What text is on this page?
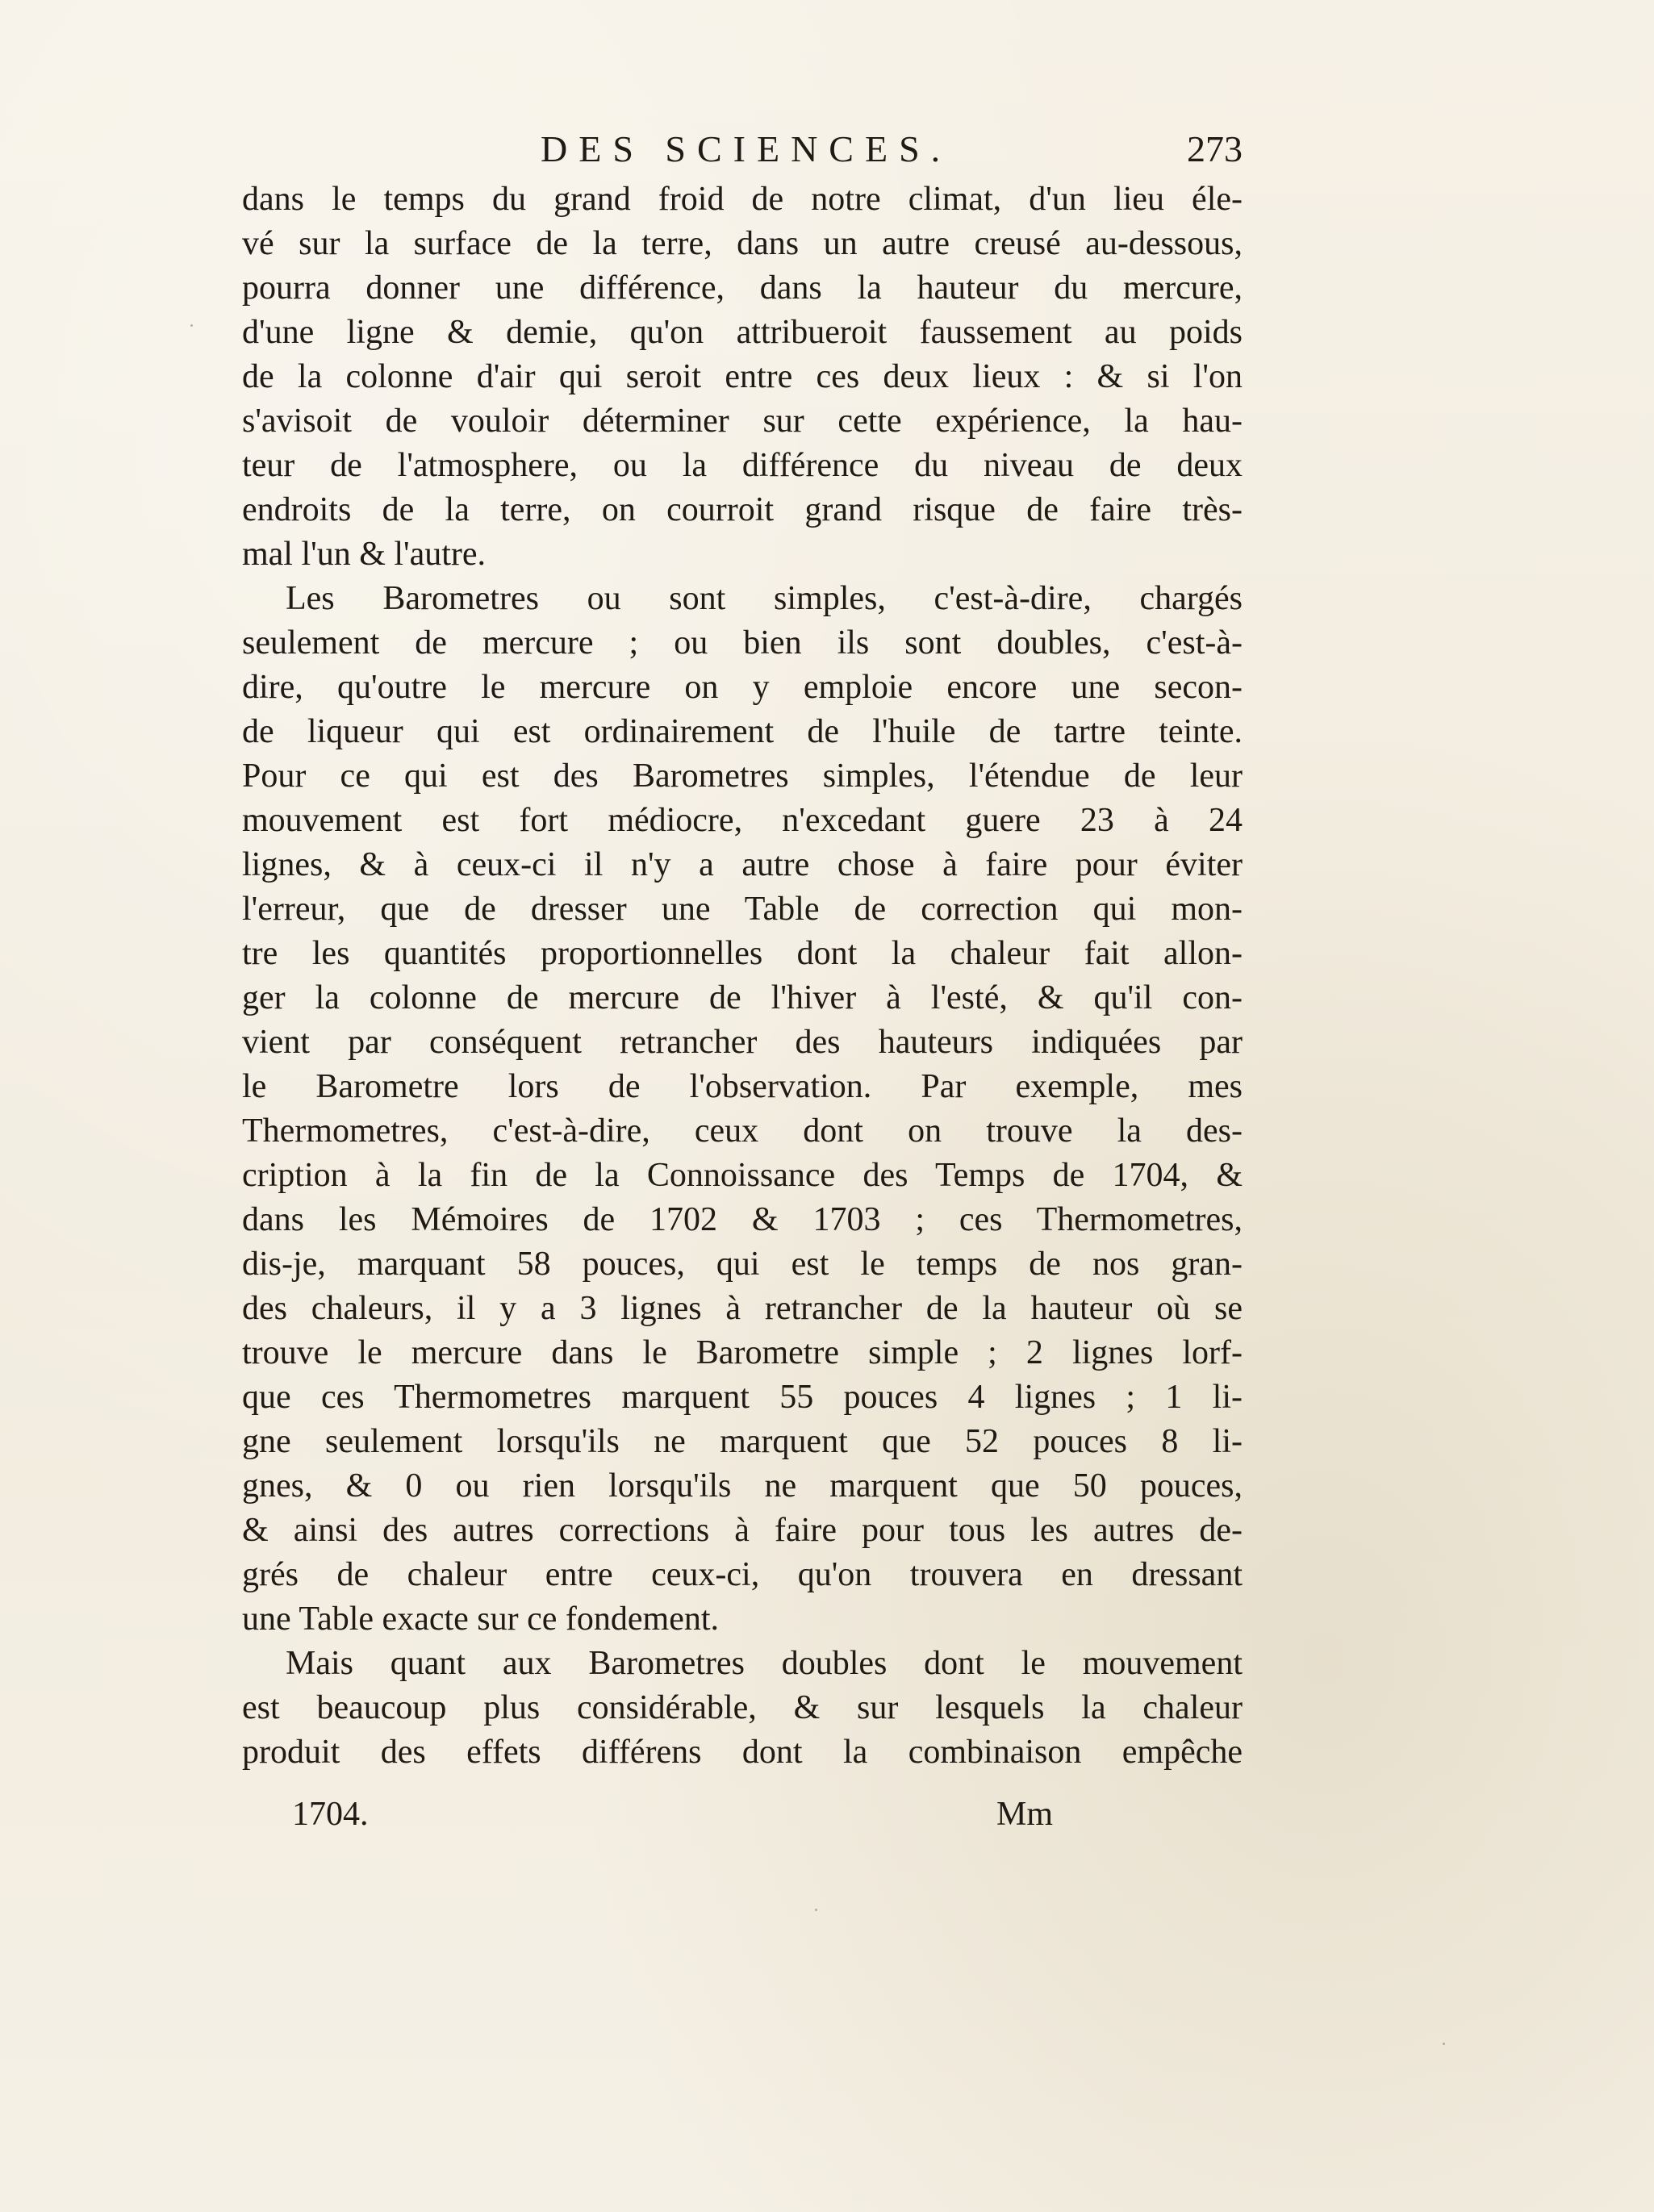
DES SCIENCES.	273
dans le temps du grand froid de notre climat, d'un lieu éle-
vé sur la surface de la terre, dans un autre creusé au-dessous,
pourra donner une différence, dans la hauteur du mercure,
d'une ligne & demie, qu'on attribueroit faussement au poids
de la colonne d'air qui seroit entre ces deux lieux : & si l'on
s'avisoit de vouloir déterminer sur cette expérience, la hau-
teur de l'atmosphere, ou la différence du niveau de deux
endroits de la terre, on courroit grand risque de faire très-
mal l'un & l'autre.
Les Barometres ou sont simples, c'est-à-dire, chargés
seulement de mercure ; ou bien ils sont doubles, c'est-à-
dire, qu'outre le mercure on y emploie encore une secon-
de liqueur qui est ordinairement de l'huile de tartre teinte.
Pour ce qui est des Barometres simples, l'étendue de leur
mouvement est fort médiocre, n'excedant guere 23 à 24
lignes, & à ceux-ci il n'y a autre chose à faire pour éviter
l'erreur, que de dresser une Table de correction qui mon-
tre les quantités proportionnelles dont la chaleur fait allon-
ger la colonne de mercure de l'hiver à l'esté, & qu'il con-
vient par conséquent retrancher des hauteurs indiquées par
le Barometre lors de l'observation. Par exemple, mes
Thermometres, c'est-à-dire, ceux dont on trouve la des-
cription à la fin de la Connoissance des Temps de 1704, &
dans les Mémoires de 1702 & 1703 ; ces Thermometres,
dis-je, marquant 58 pouces, qui est le temps de nos gran-
des chaleurs, il y a 3 lignes à retrancher de la hauteur où se
trouve le mercure dans le Barometre simple ; 2 lignes lorf-
que ces Thermometres marquent 55 pouces 4 lignes ; 1 li-
gne seulement lorsqu'ils ne marquent que 52 pouces 8 li-
gnes, & 0 ou rien lorsqu'ils ne marquent que 50 pouces,
& ainsi des autres corrections à faire pour tous les autres de-
grés de chaleur entre ceux-ci, qu'on trouvera en dressant
une Table exacte sur ce fondement.
Mais quant aux Barometres doubles dont le mouvement
est beaucoup plus considérable, & sur lesquels la chaleur
produit des effets différens dont la combinaison empêche
1704.	Mm
